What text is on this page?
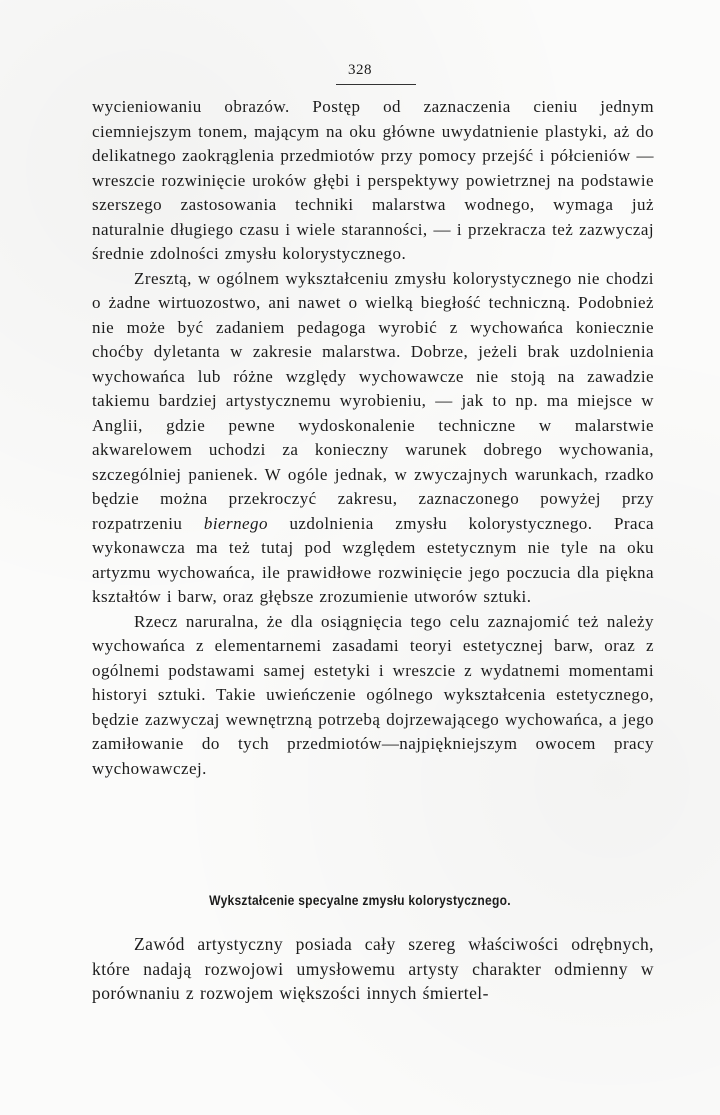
328

wycieniowaniu obrazów. Postęp od zaznaczenia cieniu jednym ciemniejszym tonem, mającym na oku główne uwydatnienie plastyki, aż do delikatnego zaokrąglenia przedmiotów przy pomocy przejść i półcieniów — wreszcie rozwinięcie uroków głębi i perspektywy powietrznej na podstawie szerszego zastosowania techniki malarstwa wodnego, wymaga już naturalnie długiego czasu i wiele staranności, — i przekracza też zazwyczaj średnie zdolności zmysłu kolorystycznego.

Zresztą, w ogólnem wykształceniu zmysłu kolorystycznego nie chodzi o żadne wirtuozostwo, ani nawet o wielką biegłość techniczną. Podobnież nie może być zadaniem pedagoga wyrobić z wychowańca koniecznie choćby dyletanta w zakresie malarstwa. Dobrze, jeżeli brak uzdolnienia wychowańca lub różne względy wychowawcze nie stoją na zawadzie takiemu bardziej artystycznemu wyrobieniu, — jak to np. ma miejsce w Anglii, gdzie pewne wydoskonalenie techniczne w malarstwie akwarelowem uchodzi za konieczny warunek dobrego wychowania, szczególniej panienek. W ogóle jednak, w zwyczajnych warunkach, rzadko będzie można przekroczyć zakresu, zaznaczonego powyżej przy rozpatrzeniu biernego uzdolnienia zmysłu kolorystycznego. Praca wykonawcza ma też tutaj pod względem estetycznym nie tyle na oku artyzmu wychowańca, ile prawidłowe rozwinięcie jego poczucia dla piękna kształtów i barw, oraz głębsze zrozumienie utworów sztuki.

Rzecz naruralna, że dla osiągnięcia tego celu zaznajomić też należy wychowańca z elementarnemi zasadami teoryi estetycznej barw, oraz z ogólnemi podstawami samej estetyki i wreszcie z wydatnemi momentami historyi sztuki. Takie uwieńczenie ogólnego wykształcenia estetycznego, będzie zazwyczaj wewnętrzną potrzebą dojrzewającego wychowańca, a jego zamiłowanie do tych przedmiotów—najpiękniejszym owocem pracy wychowawczej.

Wykształcenie specyalne zmysłu kolorystycznego.

Zawód artystyczny posiada cały szereg właściwości odrębnych, które nadają rozwojowi umysłowemu artysty charakter odmienny w porównaniu z rozwojem większości innych śmiertel-
